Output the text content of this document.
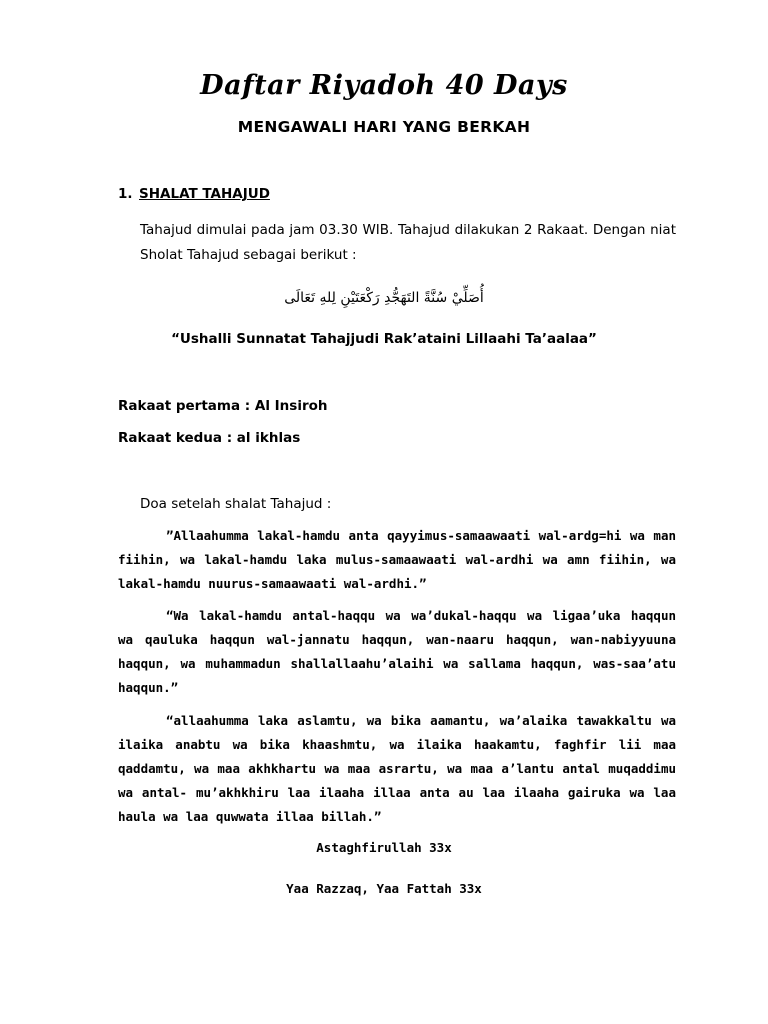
Daftar Riyadoh 40 Days
MENGAWALI HARI YANG BERKAH
1. SHALAT TAHAJUD
Tahajud dimulai pada jam 03.30 WIB. Tahajud dilakukan 2 Rakaat. Dengan niat Sholat Tahajud sebagai berikut :
أُصَلِّيْ سُنَّةً التَهَجُّدِ رَكْعَتَيْنِ لِلهِ تَعَالَى
“Ushalli Sunnatat Tahajjudi Rak’ataini Lillaahi Ta’aalaa”
Rakaat pertama : Al Insiroh
Rakaat kedua : al ikhlas
Doa setelah shalat Tahajud :
”Allaahumma lakal-hamdu anta qayyimus-samaawaati wal-ardg=hi wa man fiihin, wa lakal-hamdu laka mulus-samaawaati wal-ardhi wa amn fiihin, wa lakal-hamdu nuurus-samaawaati wal-ardhi.”
“Wa lakal-hamdu antal-haqqu wa wa’dukal-haqqu wa ligaa’uka haqqun wa qauluka haqqun wal-jannatu haqqun, wan-naaru haqqun, wan-nabiyyuuna haqqun, wa muhammadun shallallaahu’alaihi wa sallama haqqun, was-saa’atu haqqun.”
“allaahumma laka aslamtu, wa bika aamantu, wa’alaika tawakkaltu wa ilaika anabtu wa bika khaashmtu, wa ilaika haakamtu, faghfir lii maa qaddamtu, wa maa akhkhartu wa maa asrartu, wa maa a’lantu antal muqaddimu wa antal- mu’akhkhiru laa ilaaha illaa anta au laa ilaaha gairuka wa laa haula wa laa quwwata illaa billah.”
Astaghfirullah 33x
Yaa Razzaq, Yaa Fattah 33x
